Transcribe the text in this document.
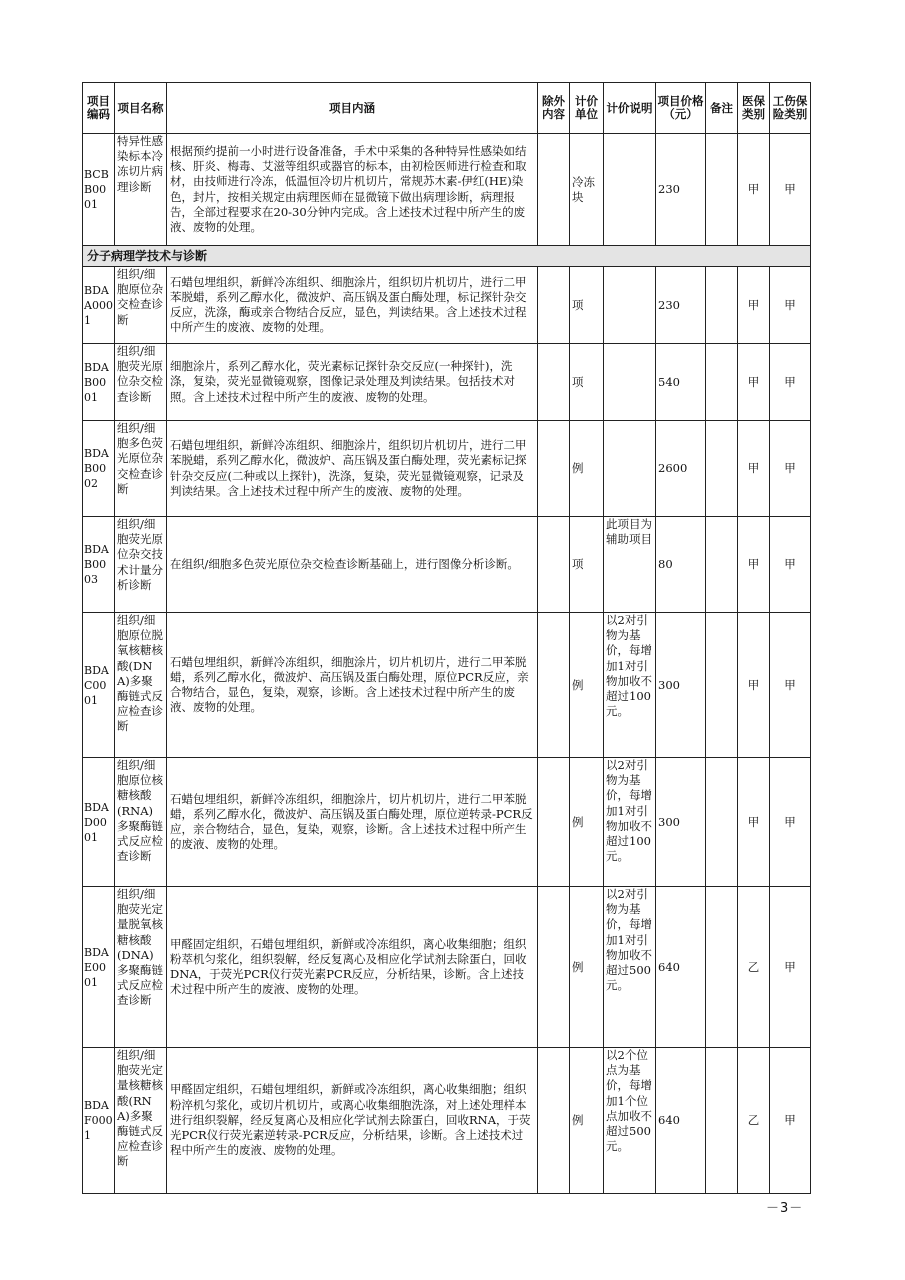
项目编码	项目名称	项目内涵	除外内容	计价单位	计价说明	项目价格（元）	备注	医保类别	工伤保险类别
BCBB0001	特异性感染标本冷冻切片病理诊断	根据预约提前一小时进行设备准备，手术中采集的各种特异性感染如结核、肝炎、梅毒、艾滋等组织或器官的标本，由初检医师进行检查和取材，由技师进行冷冻，低温恒冷切片机切片，常规苏木素-伊红(HE)染色，封片，按相关规定由病理医师在显微镜下做出病理诊断，病理报告，全部过程要求在20-30分钟内完成。含上述技术过程中所产生的废液、废物的处理。		冷冻块		230		甲	甲
分子病理学技术与诊断									
BDAA0001	组织/细胞原位杂交检查诊断	石蜡包埋组织，新鲜冷冻组织、细胞涂片，组织切片机切片，进行二甲苯脱蜡，系列乙醇水化，微波炉、高压锅及蛋白酶处理，标记探针杂交反应，洗涤，酶或亲合物结合反应，显色，判读结果。含上述技术过程中所产生的废液、废物的处理。		项		230		甲	甲
BDAB0001	组织/细胞荧光原位杂交检查诊断	细胞涂片，系列乙醇水化，荧光素标记探针杂交反应(一种探针)，洗涤，复染，荧光显微镜观察，图像记录处理及判读结果。包括技术对照。含上述技术过程中所产生的废液、废物的处理。		项		540		甲	甲
BDAB0002	组织/细胞多色荧光原位杂交检查诊断	石蜡包埋组织，新鲜冷冻组织、细胞涂片，组织切片机切片，进行二甲苯脱蜡，系列乙醇水化，微波炉、高压锅及蛋白酶处理，荧光素标记探针杂交反应(二种或以上探针)，洗涤，复染，荧光显微镜观察，记录及判读结果。含上述技术过程中所产生的废液、废物的处理。		例		2600		甲	甲
BDAB0003	组织/细胞荧光原位杂交技术计量分析诊断	在组织/细胞多色荧光原位杂交检查诊断基础上，进行图像分析诊断。		项	此项目为辅助项目	80		甲	甲
BDAC0001	组织/细胞原位脱氧核糖核酸(DNA)多聚酶链式反应检查诊断	石蜡包埋组织，新鲜冷冻组织，细胞涂片，切片机切片，进行二甲苯脱蜡，系列乙醇水化，微波炉、高压锅及蛋白酶处理，原位PCR反应，亲合物结合，显色，复染，观察，诊断。含上述技术过程中所产生的废液、废物的处理。		例	以2对引物为基价，每增加1对引物加收不超过100元。	300		甲	甲
BDAD0001	组织/细胞原位核糖核酸(RNA)多聚酶链式反应检查诊断	石蜡包埋组织，新鲜冷冻组织，细胞涂片，切片机切片，进行二甲苯脱蜡，系列乙醇水化，微波炉、高压锅及蛋白酶处理，原位逆转录-PCR反应，亲合物结合，显色，复染，观察，诊断。含上述技术过程中所产生的废液、废物的处理。		例	以2对引物为基价，每增加1对引物加收不超过100元。	300		甲	甲
BDAE0001	组织/细胞荧光定量脱氧核糖核酸(DNA)多聚酶链式反应检查诊断	甲醛固定组织，石蜡包埋组织，新鲜或冷冻组织，离心收集细胞；组织粉萃机匀浆化，组织裂解，经反复离心及相应化学试剂去除蛋白，回收DNA，于荧光PCR仪行荧光素PCR反应，分析结果，诊断。含上述技术过程中所产生的废液、废物的处理。		例	以2对引物为基价，每增加1对引物加收不超过500元。	640		乙	甲
BDAF0001	组织/细胞荧光定量核糖核酸(RNA)多聚酶链式反应检查诊断	甲醛固定组织，石蜡包埋组织，新鲜或冷冻组织，离心收集细胞；组织粉淬机匀浆化，或切片机切片，或离心收集细胞洗涤，对上述处理样本进行组织裂解，经反复离心及相应化学试剂去除蛋白，回收RNA，于荧光PCR仪行荧光素逆转录-PCR反应，分析结果，诊断。含上述技术过程中所产生的废液、废物的处理。		例	以2个位点为基价，每增加1个位点加收不超过500元。	640		乙	甲
－3－
